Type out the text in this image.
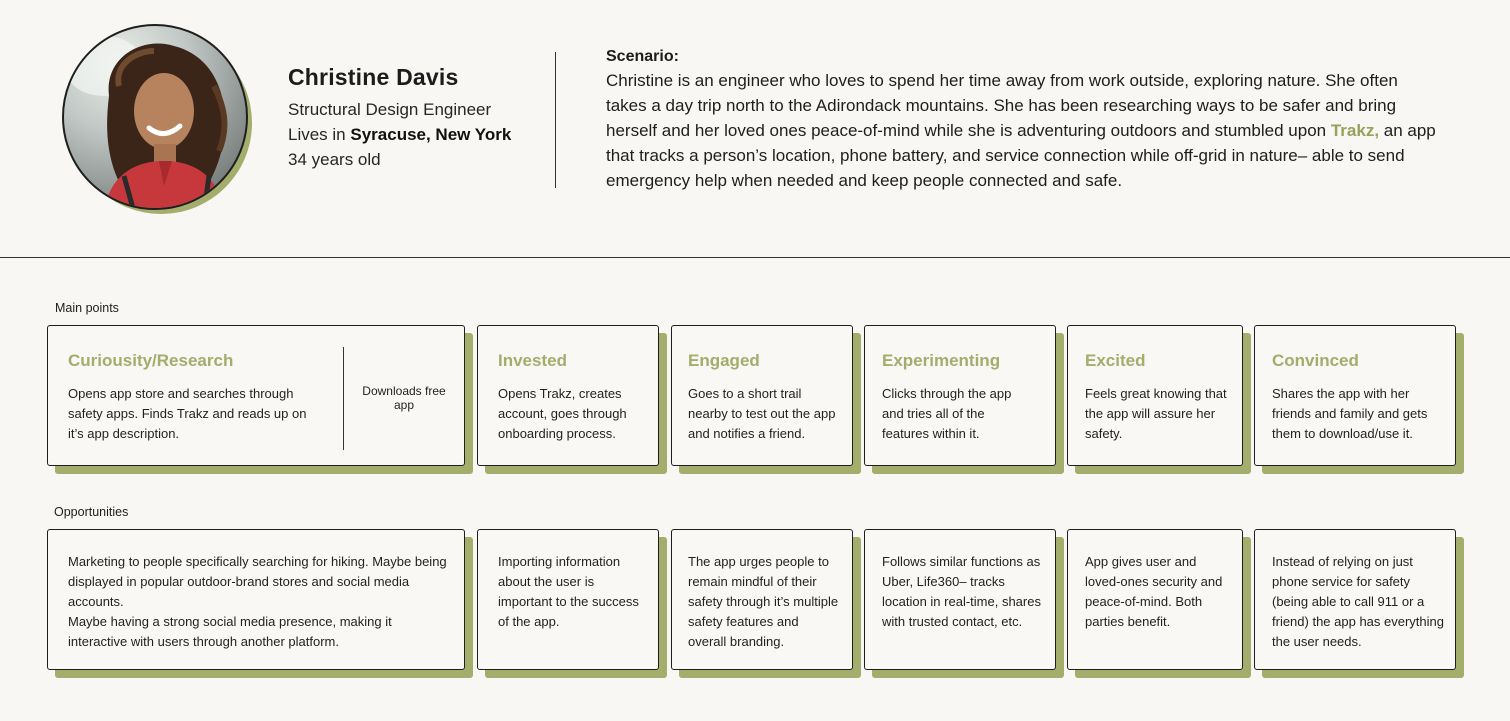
Christine Davis
Structural Design Engineer
Lives in Syracuse, New York
34 years old
Scenario:
Christine is an engineer who loves to spend her time away from work outside, exploring nature. She often takes a day trip north to the Adirondack mountains. She has been researching ways to be safer and bring herself and her loved ones peace-of-mind while she is adventuring outdoors and stumbled upon Trakz, an app that tracks a person’s location, phone battery, and service connection while off-grid in nature– able to send emergency help when needed and keep people connected and safe.
Main points
Curiousity/Research
Opens app store and searches through safety apps. Finds Trakz and reads up on it’s app description.
Downloads free app
Invested
Opens Trakz, creates account, goes through onboarding process.
Engaged
Goes to a short trail nearby to test out the app and notifies a friend.
Experimenting
Clicks through the app and tries all of the features within it.
Excited
Feels great knowing that the app will assure her safety.
Convinced
Shares the app with her friends and family and gets them to download/use it.
Opportunities
Marketing to people specifically searching for hiking. Maybe being displayed in popular outdoor-brand stores and social media accounts.
Maybe having a strong social media presence, making it interactive with users through another platform.
Importing information about the user is important to the success of the app.
The app urges people to remain mindful of their safety through it’s multiple safety features and overall branding.
Follows similar functions as Uber, Life360– tracks location in real-time, shares with trusted contact, etc.
App gives user and loved-ones security and peace-of-mind. Both parties benefit.
Instead of relying on just phone service for safety (being able to call 911 or a friend) the app has everything the user needs.
